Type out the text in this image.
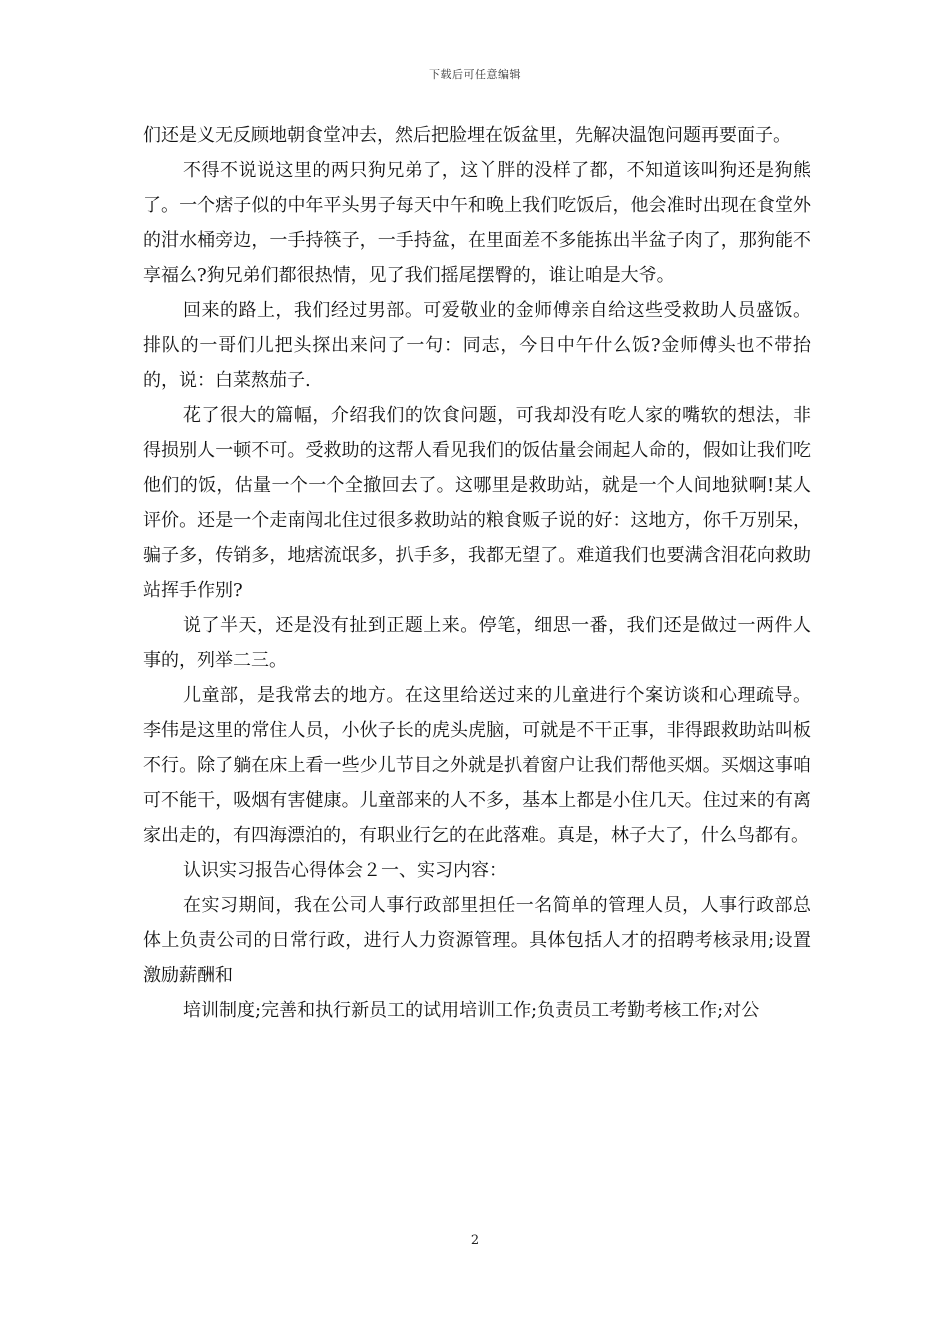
下载后可任意编辑

们还是义无反顾地朝食堂冲去，然后把脸埋在饭盆里，先解决温饱问题再要面子。

不得不说说这里的两只狗兄弟了，这丫胖的没样了都，不知道该叫狗还是狗熊了。一个痞子似的中年平头男子每天中午和晚上我们吃饭后，他会准时出现在食堂外的泔水桶旁边，一手持筷子，一手持盆，在里面差不多能拣出半盆子肉了，那狗能不享福么?狗兄弟们都很热情，见了我们摇尾摆臀的，谁让咱是大爷。

回来的路上，我们经过男部。可爱敬业的金师傅亲自给这些受救助人员盛饭。排队的一哥们儿把头探出来问了一句：同志，今日中午什么饭?金师傅头也不带抬的，说：白菜熬茄子.

花了很大的篇幅，介绍我们的饮食问题，可我却没有吃人家的嘴软的想法，非得损别人一顿不可。受救助的这帮人看见我们的饭估量会闹起人命的，假如让我们吃他们的饭，估量一个一个全撤回去了。这哪里是救助站，就是一个人间地狱啊!某人评价。还是一个走南闯北住过很多救助站的粮食贩子说的好：这地方，你千万别呆，骗子多，传销多，地痞流氓多，扒手多，我都无望了。难道我们也要满含泪花向救助站挥手作别?

说了半天，还是没有扯到正题上来。停笔，细思一番，我们还是做过一两件人事的，列举二三。

儿童部，是我常去的地方。在这里给送过来的儿童进行个案访谈和心理疏导。李伟是这里的常住人员，小伙子长的虎头虎脑，可就是不干正事，非得跟救助站叫板不行。除了躺在床上看一些少儿节目之外就是扒着窗户让我们帮他买烟。买烟这事咱可不能干，吸烟有害健康。儿童部来的人不多，基本上都是小住几天。住过来的有离家出走的，有四海漂泊的，有职业行乞的在此落难。真是，林子大了，什么鸟都有。

认识实习报告心得体会２一、实习内容：

在实习期间，我在公司人事行政部里担任一名简单的管理人员，人事行政部总体上负责公司的日常行政，进行人力资源管理。具体包括人才的招聘考核录用;设置激励薪酬和

培训制度;完善和执行新员工的试用培训工作;负责员工考勤考核工作;对公

2
